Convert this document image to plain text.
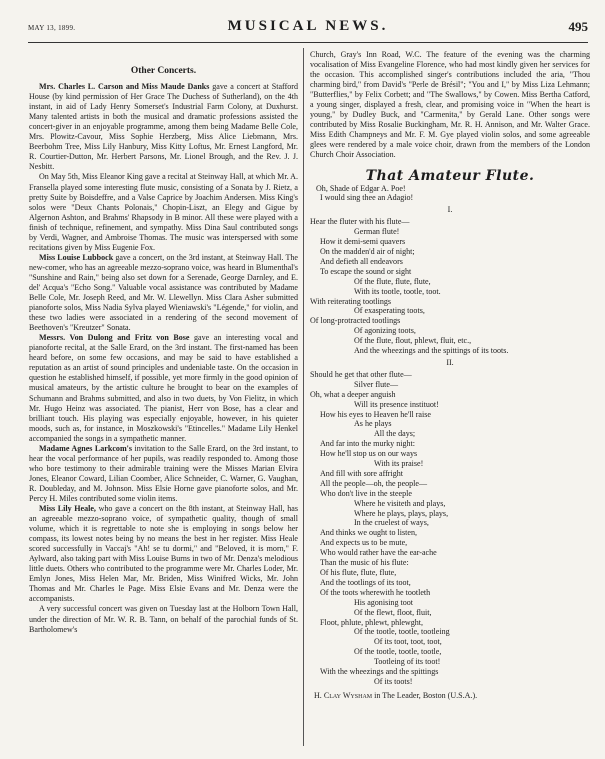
MAY 13, 1899.	MUSICAL NEWS.	495
Other Concerts.

Mrs. Charles L. Carson and Miss Maude Danks gave a concert at Stafford House (by kind permission of Her Grace The Duchess of Sutherland), on the 4th instant, in aid of Lady Henry Somerset's Industrial Farm Colony, at Duxhurst. Many talented artists in both the musical and dramatic professions assisted the concert-giver in an enjoyable programme, among them being Madame Belle Cole, Mrs. Plowitz-Cavour, Miss Sophie Herzberg, Miss Alice Liebmann, Mrs. Beerbohm Tree, Miss Lily Hanbury, Miss Kitty Loftus, Mr. Ernest Langford, Mr. R. Courtier-Dutton, Mr. Herbert Parsons, Mr. Lionel Brough, and the Rev. J. J. Nesbitt.

On May 5th, Miss Eleanor King gave a recital at Steinway Hall, at which Mr. A. Fransella played some interesting flute music, consisting of a Sonata by J. Rietz, a pretty Suite by Boisdeffre, and a Valse Caprice by Joachim Andersen. Miss King's solos were "Deux Chants Polonais," Chopin-Liszt, an Elegy and Gigue by Algernon Ashton, and Brahms' Rhapsody in B minor. All these were played with a finish of technique, refinement, and sympathy. Miss Dina Saul contributed songs by Verdi, Wagner, and Ambroise Thomas. The music was interspersed with some recitations given by Miss Eugenie Fox.

Miss Louise Lubbock gave a concert, on the 3rd instant, at Steinway Hall. The new-comer, who has an agreeable mezzo-soprano voice, was heard in Blumenthal's "Sunshine and Rain," being also set down for a Serenade, George Darnley, and E. del' Acqua's "Echo Song." Valuable vocal assistance was contributed by Madame Belle Cole, Mr. Joseph Reed, and Mr. W. Llewellyn. Miss Clara Asher submitted pianoforte solos, Miss Nadia Sylva played Wieniawski's "Légende," for violin, and these two ladies were associated in a rendering of the second movement of Beethoven's "Kreutzer" Sonata.

Messrs. Von Dulong and Fritz von Bose gave an interesting vocal and pianoforte recital, at the Salle Erard, on the 3rd instant. The first-named has been heard before, on some few occasions, and may be said to have established a reputation as an artist of sound principles and undeniable taste. On the occasion in question he established himself, if possible, yet more firmly in the good opinion of musical amateurs, by the artistic culture he brought to bear on the examples of Schumann and Brahms submitted, and also in two duets, by Von Fielitz, in which Mr. Hugo Heinz was associated. The pianist, Herr von Bose, has a clear and brilliant touch. His playing was especially enjoyable, however, in his quieter moods, such as, for instance, in Moszkowski's "Etincelles." Madame Lily Henkel accompanied the songs in a sympathetic manner.

Madame Agnes Larkcom's invitation to the Salle Erard, on the 3rd instant, to hear the vocal performance of her pupils, was readily responded to. Among those who bore testimony to their admirable training were the Misses Marian Elvira Jones, Eleanor Coward, Lilian Coomber, Alice Schneider, C. Warner, G. Vaughan, R. Doubleday, and M. Johnson. Miss Elsie Horne gave pianoforte solos, and Mr. Percy H. Miles contributed some violin items.

Miss Lily Heale, who gave a concert on the 8th instant, at Steinway Hall, has an agreeable mezzo-soprano voice, of sympathetic quality, though of small volume, which it is regrettable to note she is employing in songs below her compass, its lowest notes being by no means the best in her register. Miss Heale scored successfully in Vaccaj's "Ah! se tu dormi," and "Beloved, it is morn," F. Aylward, also taking part with Miss Louise Burns in two of Mr. Denza's melodious little duets. Others who contributed to the programme were Mr. Charles Loder, Mr. Emlyn Jones, Miss Helen Mar, Mr. Briden, Miss Winifred Wicks, Mr. John Thomas and Mr. Charles le Page. Miss Elsie Evans and Mr. Denza were the accompanists.

A very successful concert was given on Tuesday last at the Holborn Town Hall, under the direction of Mr. W. R. B. Tann, on behalf of the parochial funds of St. Bartholomew's

Church, Gray's Inn Road, W.C. The feature of the evening was the charming vocalisation of Miss Evangeline Florence, who had most kindly given her services for the occasion. This accomplished singer's contributions included the aria, "Thou charming bird," from David's "Perle de Brésil"; "You and I," by Miss Liza Lehmann; "Butterflies," by Felix Corbett; and "The Swallows," by Cowen. Miss Bertha Catford, a young singer, displayed a fresh, clear, and promising voice in "When the heart is young," by Dudley Buck, and "Carmenita," by Gerald Lane. Other songs were contributed by Miss Rosalie Buckingham, Mr. R. H. Annison, and Mr. Walter Grace. Miss Edith Champneys and Mr. F. M. Gye played violin solos, and some agreeable glees were rendered by a male voice choir, drawn from the members of the London Church Choir Association.

That Amateur Flute.
Oh, Shade of Edgar A. Poe!
I would sing thee an Adagio!
I.
Hear the fluter with his flute—
German flute!
How it demi-semi quavers
On the madden'd air of night;
And defieth all endeavors
To escape the sound or sight
Of the flute, flute, flute,
With its tootle, tootle, toot.
With reiterating tootlings
Of exasperating toots,
Of long-protracted tootlings
Of agonizing toots,
Of the flute, flout, phlewt, fluit, etc.,
And the wheezings and the spittings of its toots.
II.
Should he get that other flute—
Silver flute—
Oh, what a deeper anguish
Will its presence instituot!
How his eyes to Heaven he'll raise
As he plays
All the days;
And far into the murky night:
How he'll stop us on our ways
With its praise!
And fill with sore affright
All the people—oh, the people—
Who don't live in the steeple
Where he visiteth and plays,
Where he plays, plays, plays,
In the cruelest of ways,
And thinks we ought to listen,
And expects us to be mute,
Who would rather have the ear-ache
Than the music of his flute:
Of his flute, flute, flute,
And the tootlings of its toot,
Of the toots wherewith he tootleth
His agonising toot
Of the flewt, floot, fluit,
Floot, phlute, phlewt, phlewght,
Of the tootle, tootle, tootleing
Of its toot, toot, toot,
Of the tootle, tootle, tootle,
Tootleing of its toot!
With the wheezings and the spittings
Of its toots!
H. Clay Wysham in The Leader, Boston (U.S.A.).
